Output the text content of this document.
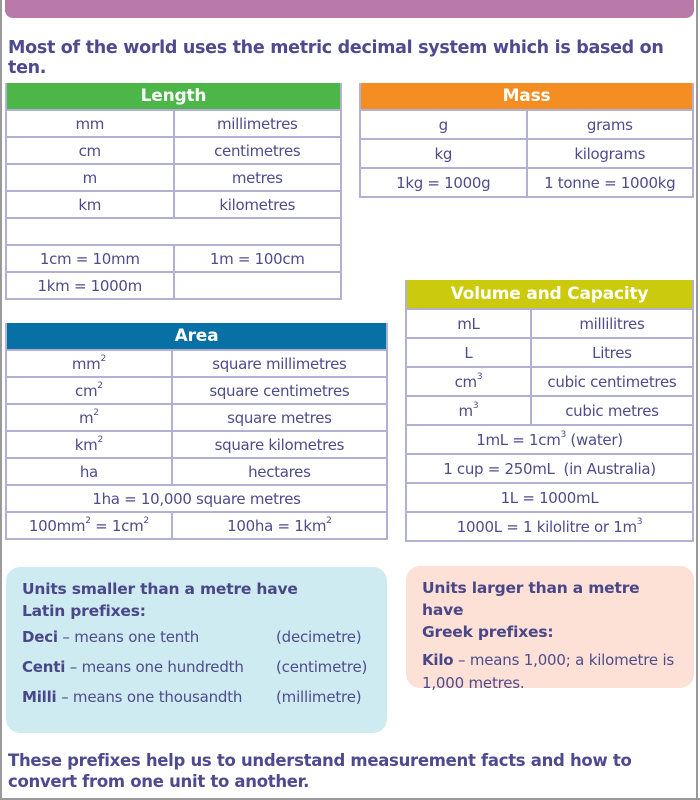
Most of the world uses the metric decimal system which is based on ten.
Length	
mm	millimetres
cm	centimetres
m	metres
km	kilometres

1cm = 10mm	1m = 100cm
1km = 1000m	
Mass	
g	grams
kg	kilograms
1kg = 1000g	1 tonne = 1000kg
Area	
$mm^2$	square millimetres
$cm^2$	square centimetres
$m^2$	square metres
$km^2$	square kilometres
ha	hectares
1ha = 10,000 square metres	
$100mm^2 = 1cm^2$	$100ha = 1km^2$
Volume and Capacity	
mL	millilitres
L	Litres
$cm^3$	cubic centimetres
$m^3$	cubic metres
$1mL = 1cm^3$ (water)	
1 cup = 250mL  (in Australia)	
1L = 1000mL	
1000L = 1 kilolitre or $1m^3$
Units smaller than a metre have
Latin prefixes:
Deci – means one tenth	(decimetre)
Centi – means one hundredth (centimetre)
Milli – means one thousandth (millimetre)
Units larger than a metre have
Greek prefixes:
Kilo – means 1,000; a kilometre is 1,000 metres.
These prefixes help us to understand measurement facts and how to convert from one unit to another.
